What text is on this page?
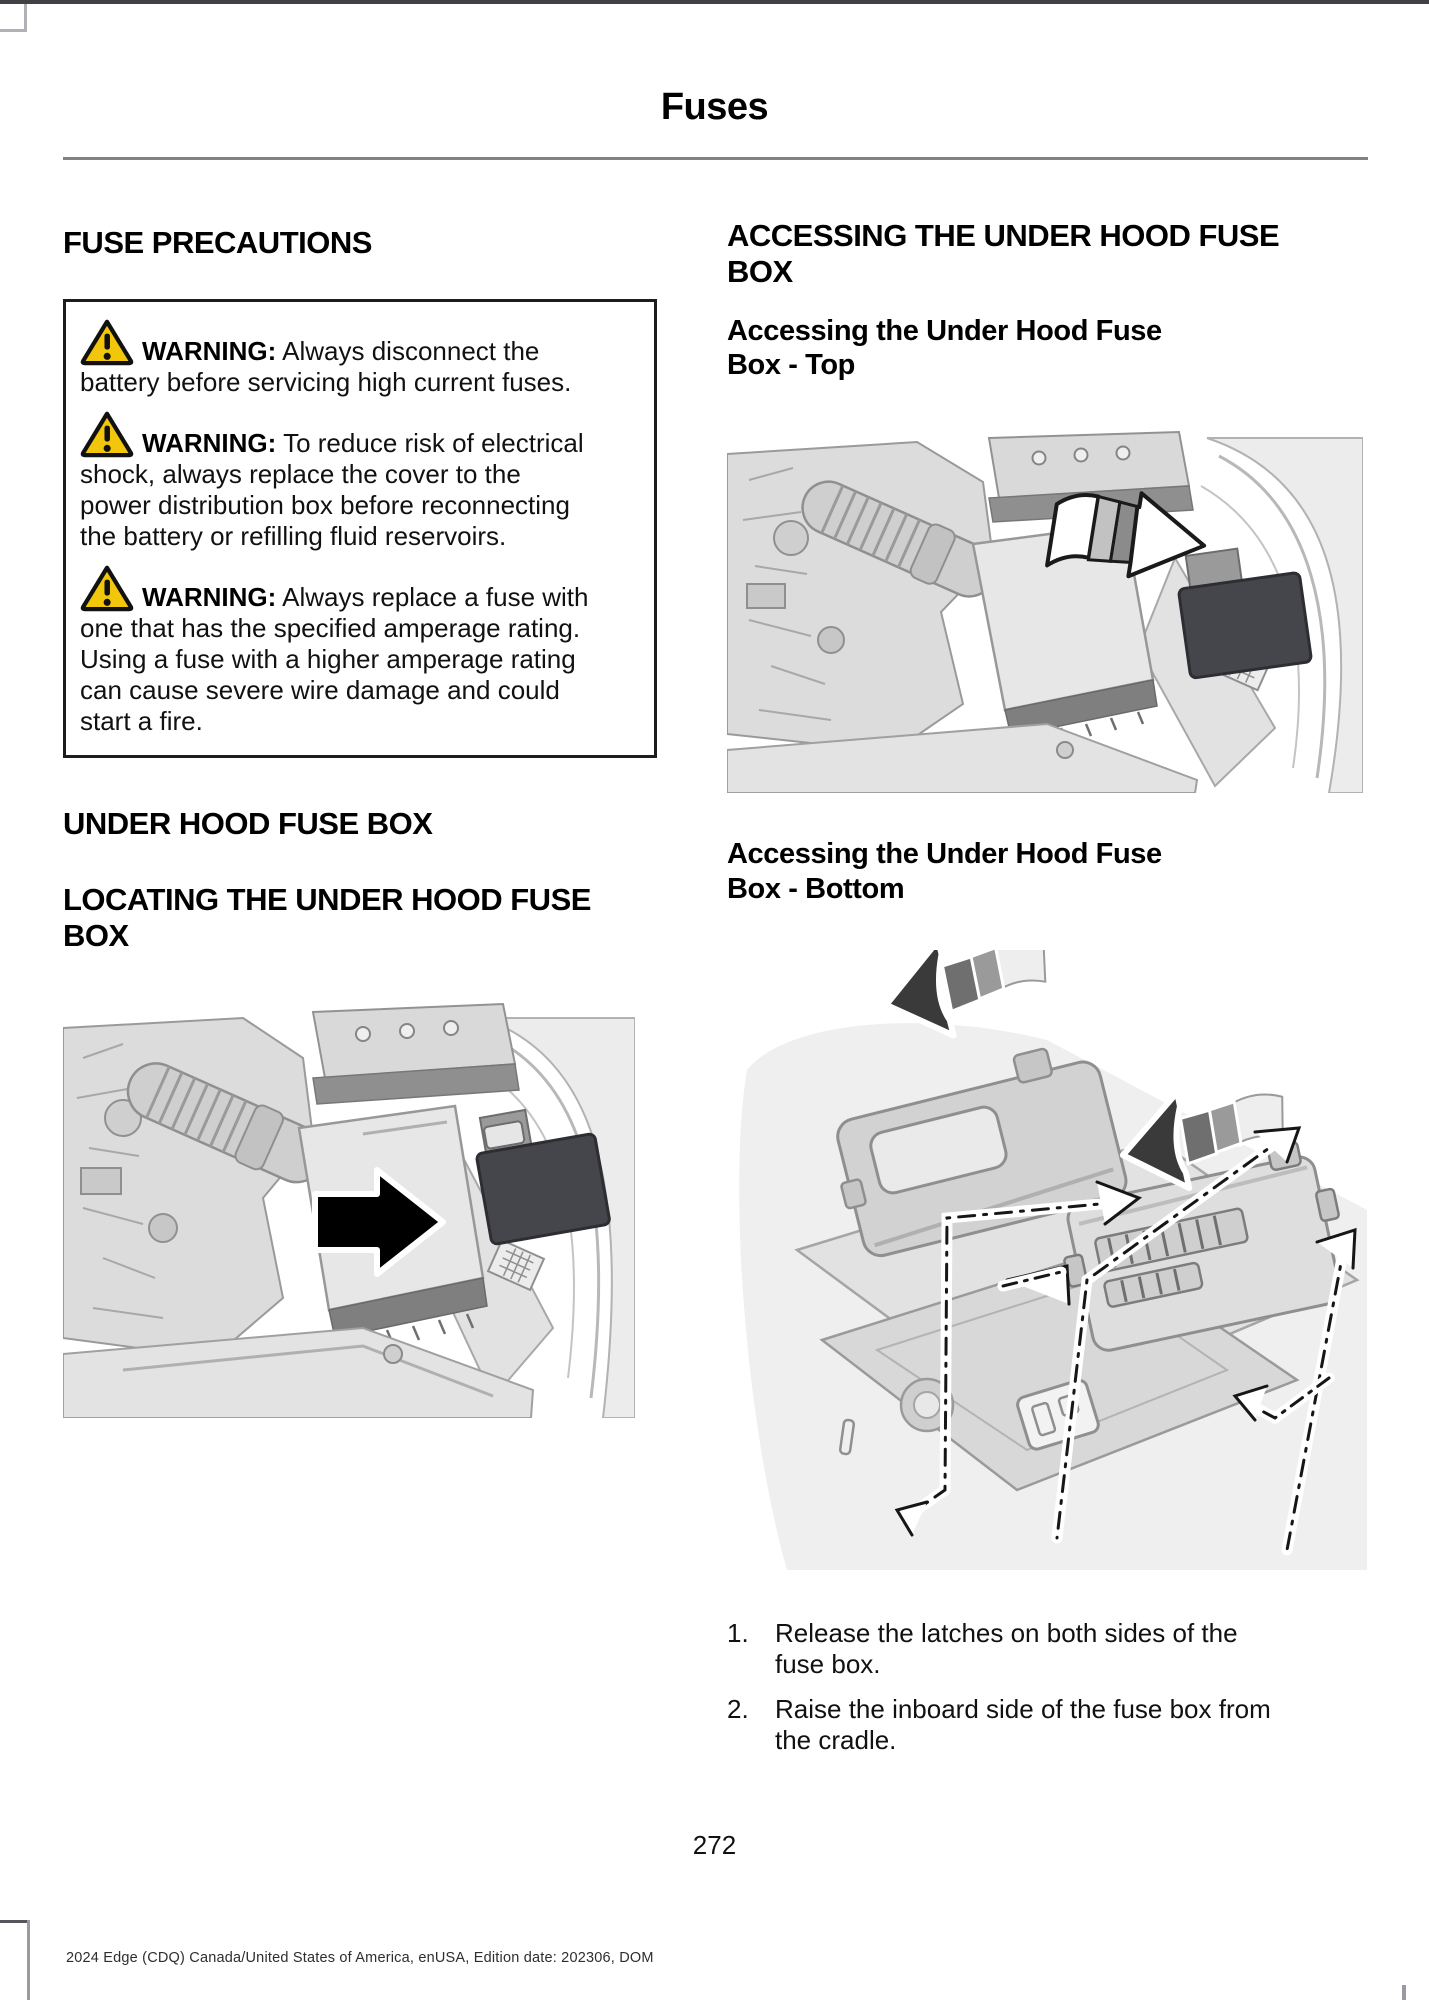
Fuses
FUSE PRECAUTIONS

WARNING: Always disconnect the battery before servicing high current fuses.

WARNING: To reduce risk of electrical shock, always replace the cover to the power distribution box before reconnecting the battery or refilling fluid reservoirs.

WARNING: Always replace a fuse with one that has the specified amperage rating. Using a fuse with a higher amperage rating can cause severe wire damage and could start a fire.

UNDER HOOD FUSE BOX
LOCATING THE UNDER HOOD FUSE BOX
ACCESSING THE UNDER HOOD FUSE BOX
Accessing the Under Hood Fuse Box - Top
Accessing the Under Hood Fuse Box - Bottom
1.	Release the latches on both sides of the fuse box.
2.	Raise the inboard side of the fuse box from the cradle.
272
2024 Edge (CDQ) Canada/United States of America, enUSA, Edition date: 202306, DOM
